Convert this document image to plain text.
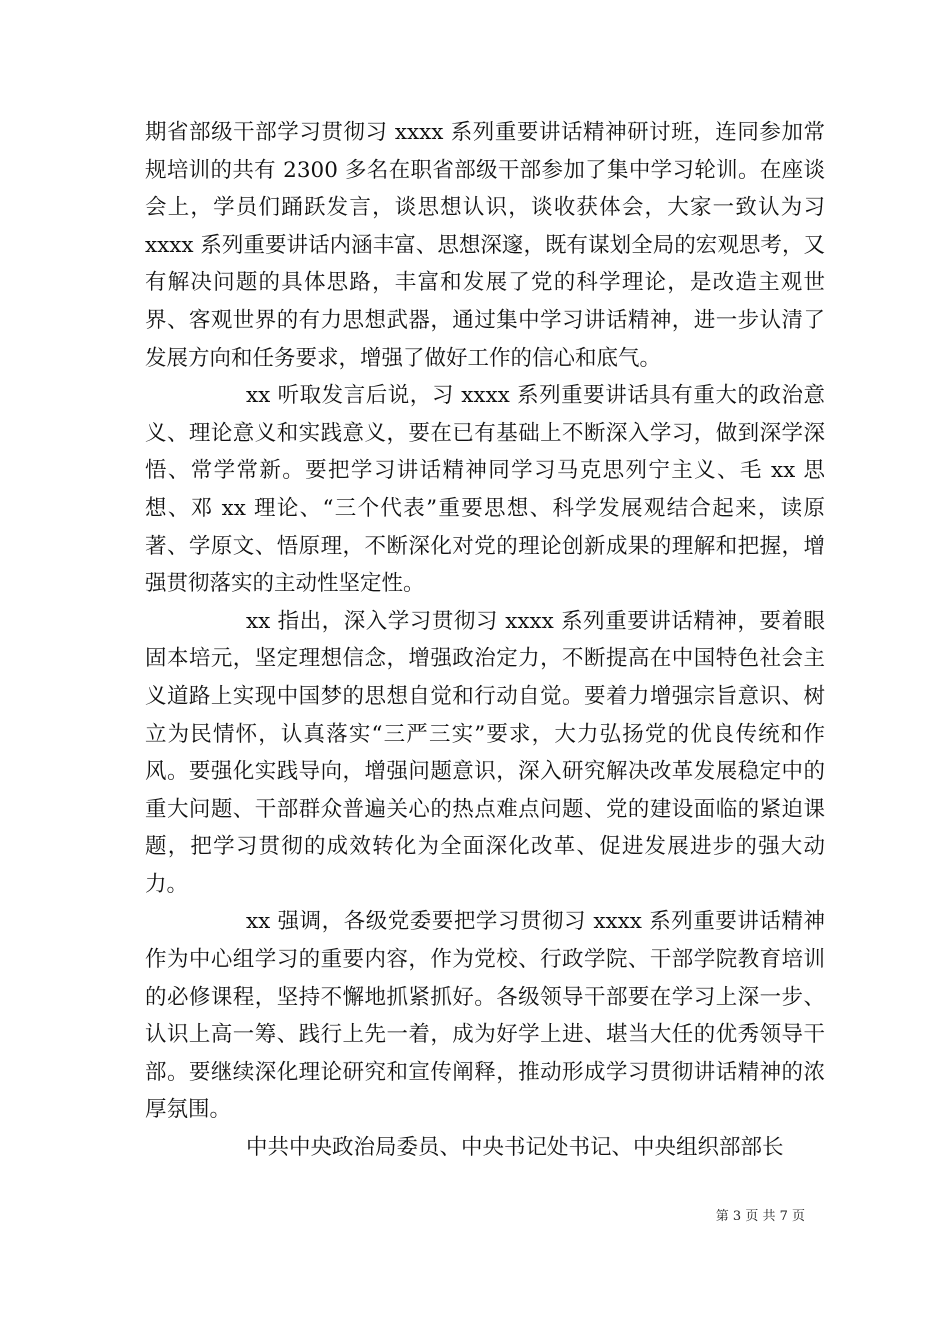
期省部级干部学习贯彻习 xxxx 系列重要讲话精神研讨班，连同参加常规培训的共有 2300 多名在职省部级干部参加了集中学习轮训。在座谈会上，学员们踊跃发言，谈思想认识，谈收获体会，大家一致认为习 xxxx 系列重要讲话内涵丰富、思想深邃，既有谋划全局的宏观思考，又有解决问题的具体思路，丰富和发展了党的科学理论，是改造主观世界、客观世界的有力思想武器，通过集中学习讲话精神，进一步认清了发展方向和任务要求，增强了做好工作的信心和底气。

xx 听取发言后说，习 xxxx 系列重要讲话具有重大的政治意义、理论意义和实践意义，要在已有基础上不断深入学习，做到深学深悟、常学常新。要把学习讲话精神同学习马克思列宁主义、毛 xx 思想、邓 xx 理论、“三个代表”重要思想、科学发展观结合起来，读原著、学原文、悟原理，不断深化对党的理论创新成果的理解和把握，增强贯彻落实的主动性坚定性。

xx 指出，深入学习贯彻习 xxxx 系列重要讲话精神，要着眼固本培元，坚定理想信念，增强政治定力，不断提高在中国特色社会主义道路上实现中国梦的思想自觉和行动自觉。要着力增强宗旨意识、树立为民情怀，认真落实“三严三实”要求，大力弘扬党的优良传统和作风。要强化实践导向，增强问题意识，深入研究解决改革发展稳定中的重大问题、干部群众普遍关心的热点难点问题、党的建设面临的紧迫课题，把学习贯彻的成效转化为全面深化改革、促进发展进步的强大动力。

xx 强调，各级党委要把学习贯彻习 xxxx 系列重要讲话精神作为中心组学习的重要内容，作为党校、行政学院、干部学院教育培训的必修课程，坚持不懈地抓紧抓好。各级领导干部要在学习上深一步、认识上高一筹、践行上先一着，成为好学上进、堪当大任的优秀领导干部。要继续深化理论研究和宣传阐释，推动形成学习贯彻讲话精神的浓厚氛围。

中共中央政治局委员、中央书记处书记、中央组织部部长

第 3 页 共 7 页
